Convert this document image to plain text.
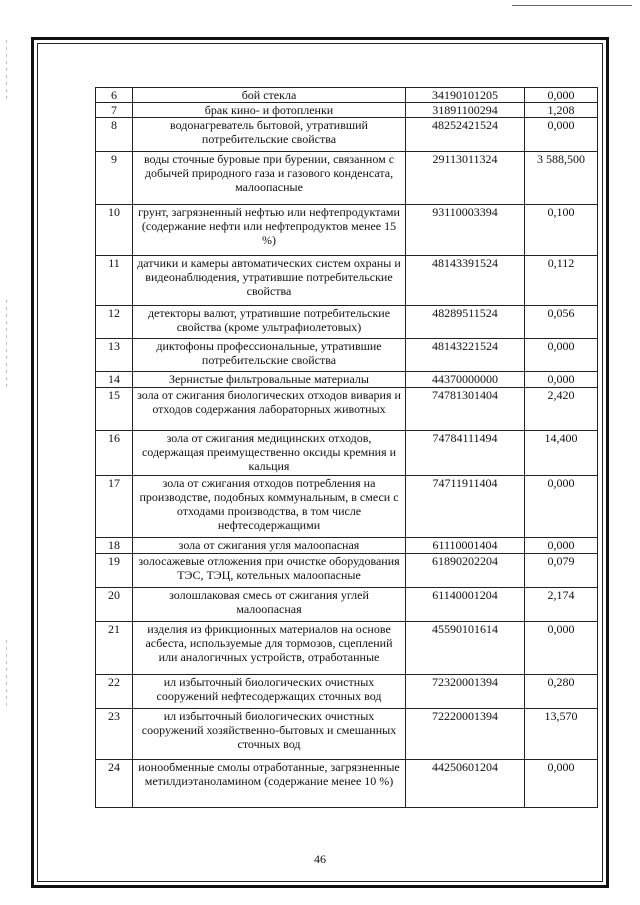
6	бой стекла	34190101205	0,000
7	брак кино- и фотопленки	31891100294	1,208
8	водонагреватель бытовой, утративший потребительские свойства	48252421524	0,000
9	воды сточные буровые при бурении, связанном с добычей природного газа и газового конденсата, малоопасные	29113011324	3 588,500
10	грунт, загрязненный нефтью или нефтепродуктами (содержание нефти или нефтепродуктов менее 15 %)	93110003394	0,100
11	датчики и камеры автоматических систем охраны и видеонаблюдения, утратившие потребительские свойства	48143391524	0,112
12	детекторы валют, утратившие потребительские свойства (кроме ультрафиолетовых)	48289511524	0,056
13	диктофоны профессиональные, утратившие потребительские свойства	48143221524	0,000
14	Зернистые фильтровальные материалы	44370000000	0,000
15	зола от сжигания биологических отходов вивария и отходов содержания лабораторных животных	74781301404	2,420
16	зола от сжигания медицинских отходов, содержащая преимущественно оксиды кремния и кальция	74784111494	14,400
17	зола от сжигания отходов потребления на производстве, подобных коммунальным, в смеси с отходами производства, в том числе нефтесодержащими	74711911404	0,000
18	зола от сжигания угля малоопасная	61110001404	0,000
19	золосажевые отложения при очистке оборудования ТЭС, ТЭЦ, котельных малоопасные	61890202204	0,079
20	золошлаковая смесь от сжигания углей малоопасная	61140001204	2,174
21	изделия из фрикционных материалов на основе асбеста, используемые для тормозов, сцеплений или аналогичных устройств, отработанные	45590101614	0,000
22	ил избыточный биологических очистных сооружений нефтесодержащих сточных вод	72320001394	0,280
23	ил избыточный биологических очистных сооружений хозяйственно-бытовых и смешанных сточных вод	72220001394	13,570
24	ионообменные смолы отработанные, загрязненные метилдиэтаноламином (содержание менее 10 %)	44250601204	0,000
46
